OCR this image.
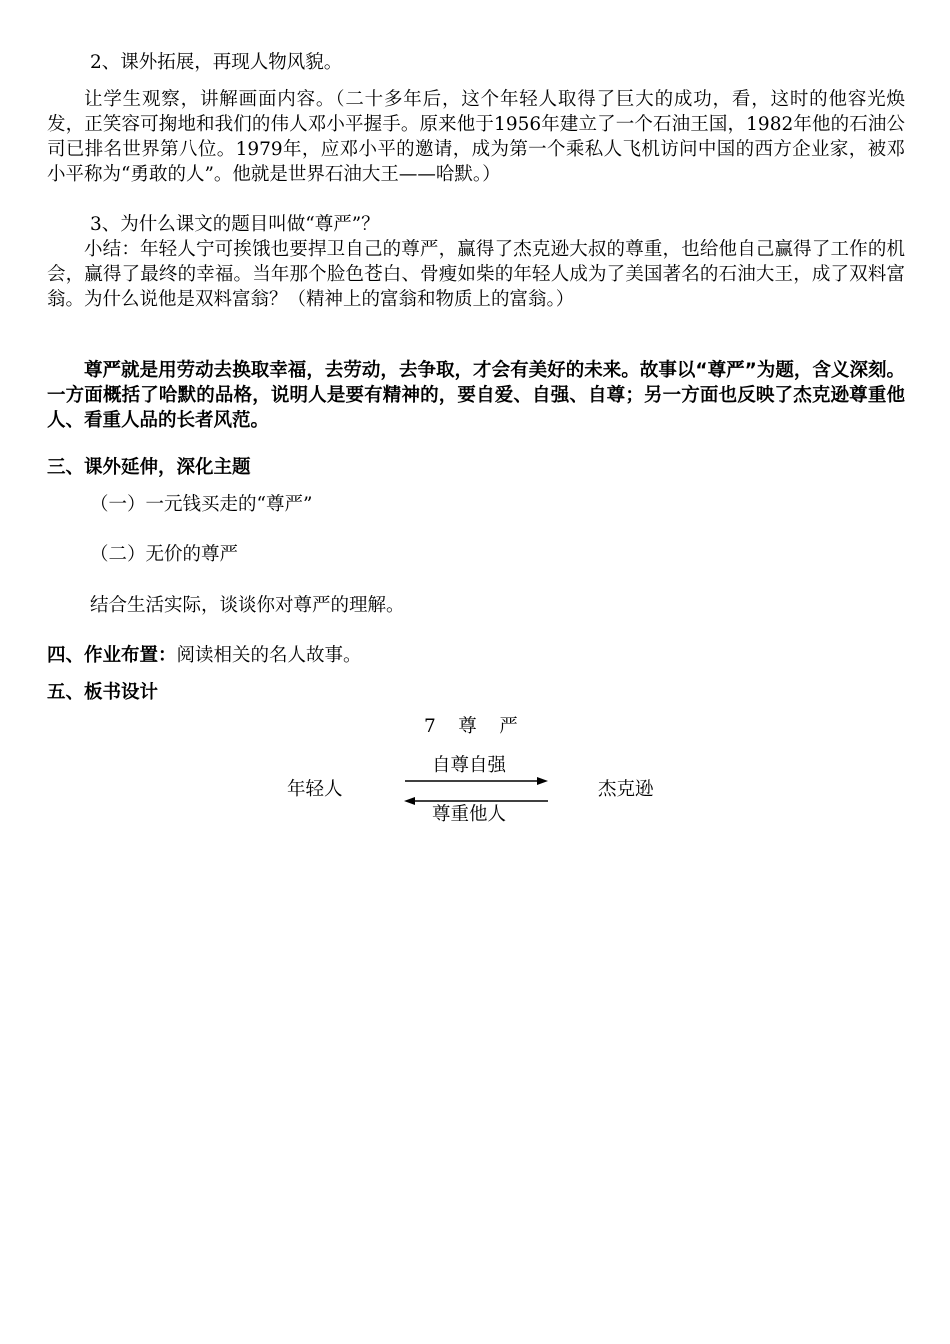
2、课外拓展，再现人物风貌。
让学生观察，讲解画面内容。（二十多年后，这个年轻人取得了巨大的成功，看，这时的他容光焕发，正笑容可掬地和我们的伟人邓小平握手。原来他于1956年建立了一个石油王国，1982年他的石油公司已排名世界第八位。1979年，应邓小平的邀请，成为第一个乘私人飞机访问中国的西方企业家，被邓小平称为“勇敢的人”。他就是世界石油大王——哈默。）
3、为什么课文的题目叫做“尊严”？
小结：年轻人宁可挨饿也要捍卫自己的尊严，赢得了杰克逊大叔的尊重，也给他自己赢得了工作的机会，赢得了最终的幸福。当年那个脸色苍白、骨瘦如柴的年轻人成为了美国著名的石油大王，成了双料富翁。为什么说他是双料富翁？（精神上的富翁和物质上的富翁。）
尊严就是用劳动去换取幸福，去劳动，去争取，才会有美好的未来。故事以“尊严”为题，含义深刻。一方面概括了哈默的品格，说明人是要有精神的，要自爱、自强、自尊；另一方面也反映了杰克逊尊重他人、看重人品的长者风范。
三、课外延伸，深化主题
（一）一元钱买走的“尊严”
（二）无价的尊严
结合生活实际，谈谈你对尊严的理解。
四、作业布置：阅读相关的名人故事。
五、板书设计
7　尊　严
自尊自强
年轻人	杰克逊
尊重他人
